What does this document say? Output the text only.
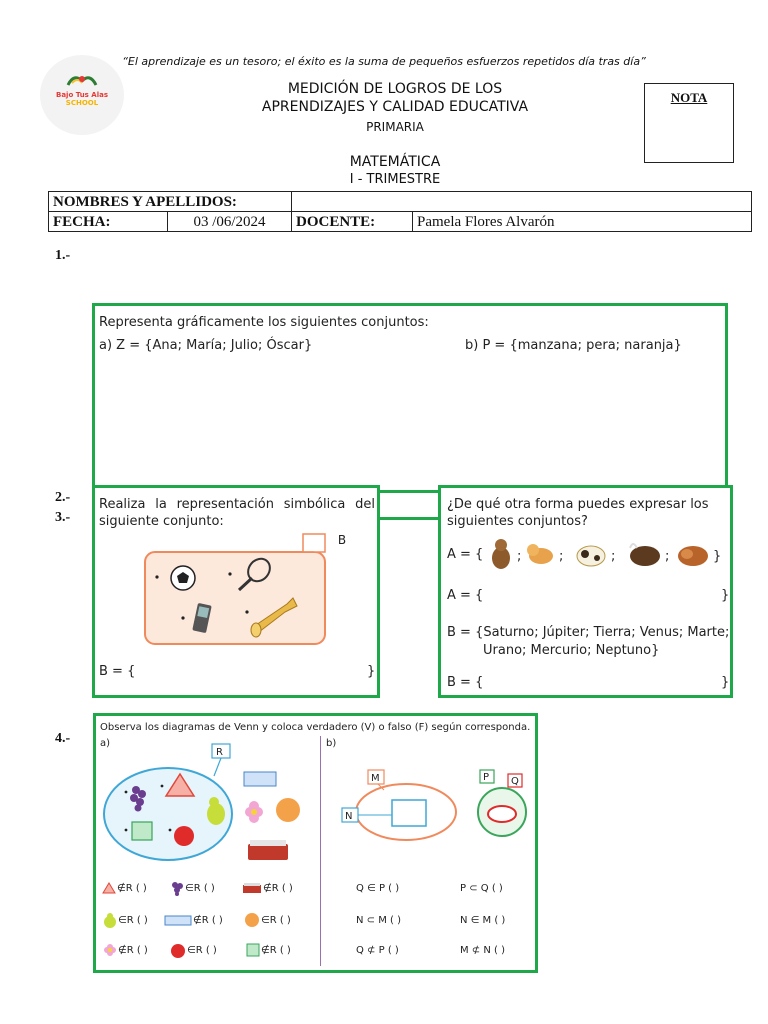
“El aprendizaje es un tesoro; el éxito es la suma de pequeños esfuerzos repetidos día tras día”
Bajo Tus Alas
SCHOOL
MEDICIÓN DE LOGROS DE LOS
APRENDIZAJES Y CALIDAD EDUCATIVA
PRIMARIA
MATEMÁTICA
I - TRIMESTRE
NOTA
NOMBRES Y APELLIDOS:			
FECHA:	03 /06/2024	DOCENTE:	Pamela Flores Alvarón
1.-
2.-
3.-
4.-
Representa gráficamente los siguientes conjuntos:
a) Z = {Ana; María; Julio; Óscar}	b) P = {manzana; pera; naranja}
Realiza la representación simbólica del siguiente conjunto:
B
B = {	}
¿De qué otra forma puedes expresar los siguientes conjuntos?
A = {	;	;	;	;	}
A = {	}
B = {Saturno; Júpiter; Tierra; Venus; Marte;
Urano; Mercurio; Neptuno}
B = {	}
Observa los diagramas de Venn y coloca verdadero (V) o falso (F) según corresponda.
a)	b)
R
M
N
P Q
∉R ( )	∈R ( )	∉R ( )
∈R ( )	∉R ( )	∈R ( )
∉R ( )	∈R ( )	∉R ( )
Q ∈ P ( )	P ⊂ Q ( )
N ⊂ M ( )	N ∈ M ( )
Q ⊄ P ( )	M ⊄ N ( )
